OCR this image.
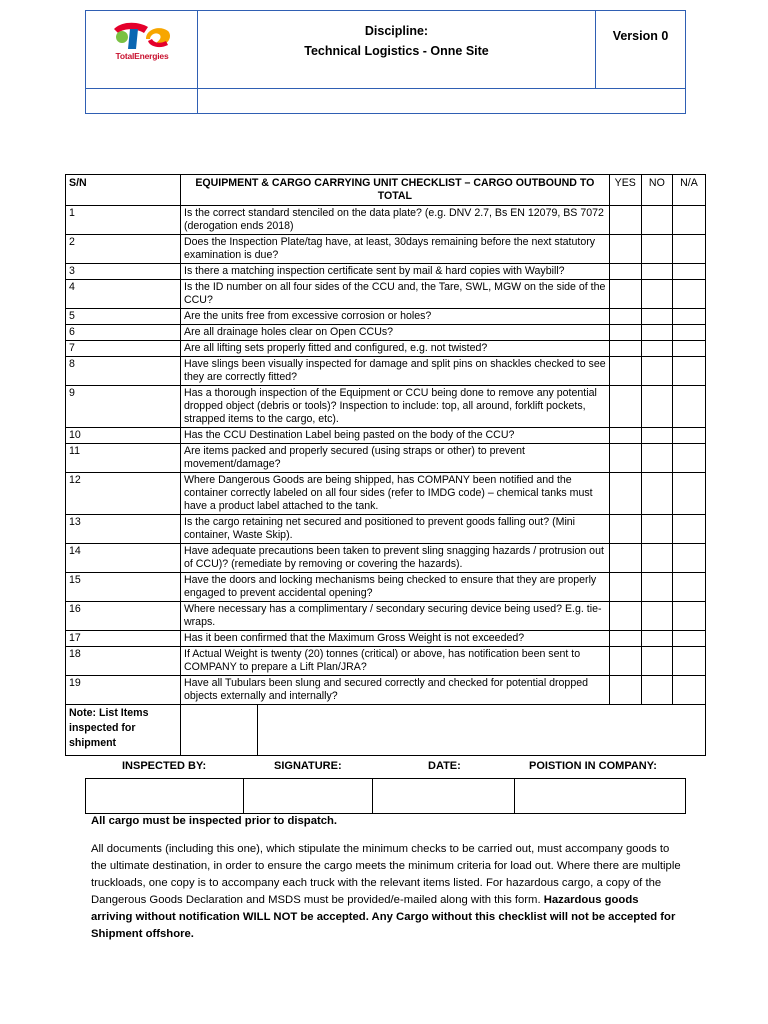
TotalEnergies
Discipline:
Technical Logistics - Onne Site
Version 0
S/N	EQUIPMENT & CARGO CARRYING UNIT CHECKLIST – CARGO OUTBOUND TO TOTAL	YES	NO	N/A
1	Is the correct standard stenciled on the data plate? (e.g. DNV 2.7, Bs EN 12079, BS 7072 (derogation ends 2018)			
2	Does the Inspection Plate/tag have, at least, 30days remaining before the next statutory examination is due?			
3	Is there a matching inspection certificate sent by mail & hard copies with Waybill?			
4	Is the ID number on all four sides of the CCU and, the Tare, SWL, MGW on the side of the CCU?			
5	Are the units free from excessive corrosion or holes?			
6	Are all drainage holes clear on Open CCUs?			
7	Are all lifting sets properly fitted and configured, e.g. not twisted?			
8	Have slings been visually inspected for damage and split pins on shackles checked to see they are correctly fitted?			
9	Has a thorough inspection of the Equipment or CCU being done to remove any potential dropped object (debris or tools)? Inspection to include: top, all around, forklift pockets, strapped items to the cargo, etc).			
10	Has the CCU Destination Label being pasted on the body of the CCU?			
11	Are items packed and properly secured (using straps or other) to prevent movement/damage?			
12	Where Dangerous Goods are being shipped, has COMPANY been notified and the container correctly labeled on all four sides (refer to IMDG code) – chemical tanks must have a product label attached to the tank.			
13	Is the cargo retaining net secured and positioned to prevent goods falling out? (Mini container, Waste Skip).			
14	Have adequate precautions been taken to prevent sling snagging hazards / protrusion out of CCU)? (remediate by removing or covering the hazards).			
15	Have the doors and locking mechanisms being checked to ensure that they are properly engaged to prevent accidental opening?			
16	Where necessary has a complimentary / secondary securing device being used? E.g. tie-wraps.			
17	Has it been confirmed that the Maximum Gross Weight is not exceeded?			
18	If Actual Weight is twenty (20) tonnes (critical) or above, has notification been sent to COMPANY to prepare a Lift Plan/JRA?			
19	Have all Tubulars been slung and secured correctly and checked for potential dropped objects externally and internally?			

Note: List Items inspected for shipment				

INSPECTED BY:	SIGNATURE:	DATE:	POISTION IN COMPANY:
All cargo must be inspected prior to dispatch.
All documents (including this one), which stipulate the minimum checks to be carried out, must accompany goods to the ultimate destination, in order to ensure the cargo meets the minimum criteria for load out. Where there are multiple truckloads, one copy is to accompany each truck with the relevant items listed. For hazardous cargo, a copy of the Dangerous Goods Declaration and MSDS must be provided/e-mailed along with this form. Hazardous goods arriving without notification WILL NOT be accepted. Any Cargo without this checklist will not be accepted for Shipment offshore.
